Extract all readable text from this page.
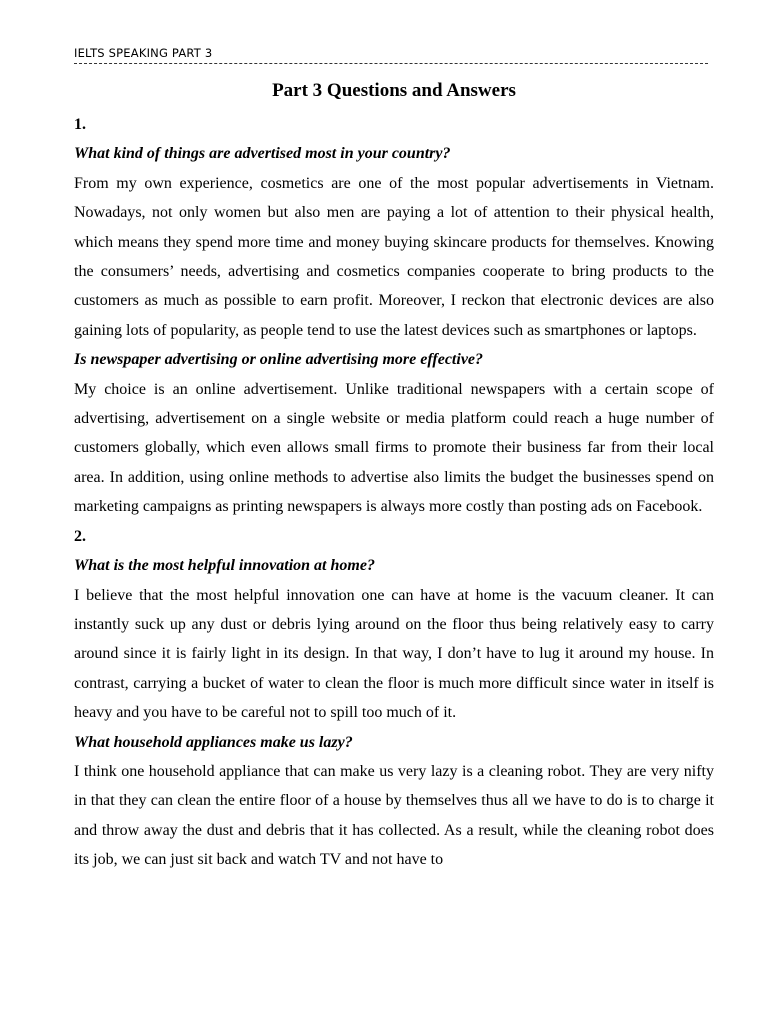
IELTS SPEAKING PART 3
Part 3 Questions and Answers

1.

What kind of things are advertised most in your country?

From my own experience, cosmetics are one of the most popular advertisements in Vietnam. Nowadays, not only women but also men are paying a lot of attention to their physical health, which means they spend more time and money buying skincare products for themselves. Knowing the consumers’ needs, advertising and cosmetics companies cooperate to bring products to the customers as much as possible to earn profit. Moreover, I reckon that electronic devices are also gaining lots of popularity, as people tend to use the latest devices such as smartphones or laptops.

Is newspaper advertising or online advertising more effective?

My choice is an online advertisement. Unlike traditional newspapers with a certain scope of advertising, advertisement on a single website or media platform could reach a huge number of customers globally, which even allows small firms to promote their business far from their local area. In addition, using online methods to advertise also limits the budget the businesses spend on marketing campaigns as printing newspapers is always more costly than posting ads on Facebook.

2.

What is the most helpful innovation at home?

I believe that the most helpful innovation one can have at home is the vacuum cleaner. It can instantly suck up any dust or debris lying around on the floor thus being relatively easy to carry around since it is fairly light in its design. In that way, I don’t have to lug it around my house. In contrast, carrying a bucket of water to clean the floor is much more difficult since water in itself is heavy and you have to be careful not to spill too much of it.

What household appliances make us lazy?

I think one household appliance that can make us very lazy is a cleaning robot. They are very nifty in that they can clean the entire floor of a house by themselves thus all we have to do is to charge it and throw away the dust and debris that it has collected. As a result, while the cleaning robot does its job, we can just sit back and watch TV and not have to
